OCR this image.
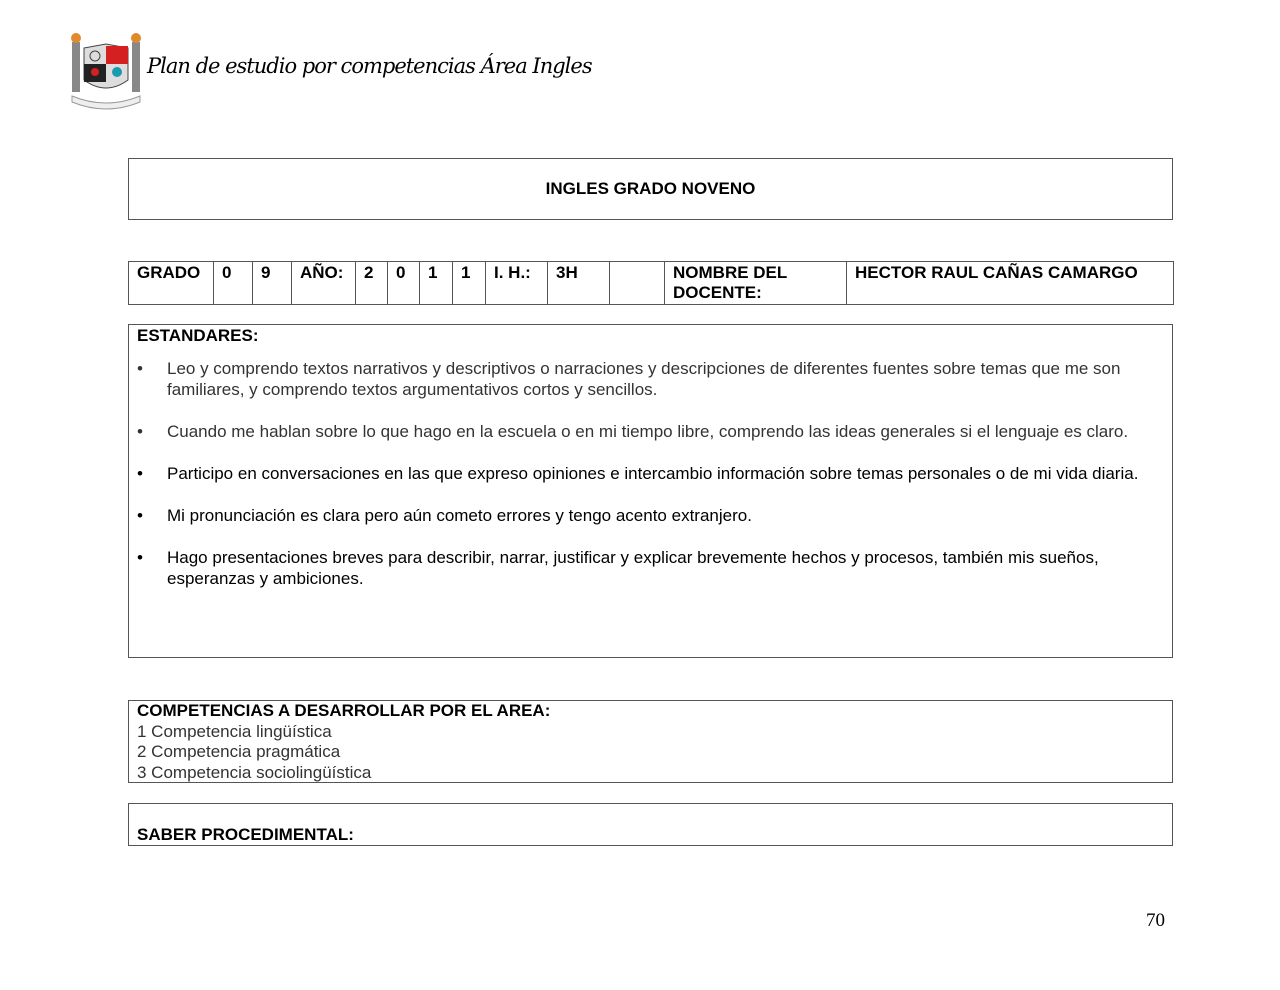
Plan de estudio por competencias Área Ingles
INGLES GRADO NOVENO
GRADO	0	9	AÑO:	2	0	1	1	I. H.:	3H		NOMBRE DEL DOCENTE:	HECTOR RAUL CAÑAS CAMARGO
ESTANDARES:
• Leo y comprendo textos narrativos y descriptivos o narraciones y descripciones de diferentes fuentes sobre temas que me son familiares, y comprendo textos argumentativos cortos y sencillos.
• Cuando me hablan sobre lo que hago en la escuela o en mi tiempo libre, comprendo las ideas generales si el lenguaje es claro.
• Participo en conversaciones en las que expreso opiniones e intercambio información sobre temas personales o de mi vida diaria.
• Mi pronunciación es clara pero aún cometo errores y tengo acento extranjero.
• Hago presentaciones breves para describir, narrar, justificar y explicar brevemente hechos y procesos, también mis sueños, esperanzas y ambiciones.
COMPETENCIAS A DESARROLLAR POR EL AREA:
1 Competencia lingüística
2 Competencia pragmática
3 Competencia sociolingüística
SABER PROCEDIMENTAL:
70
